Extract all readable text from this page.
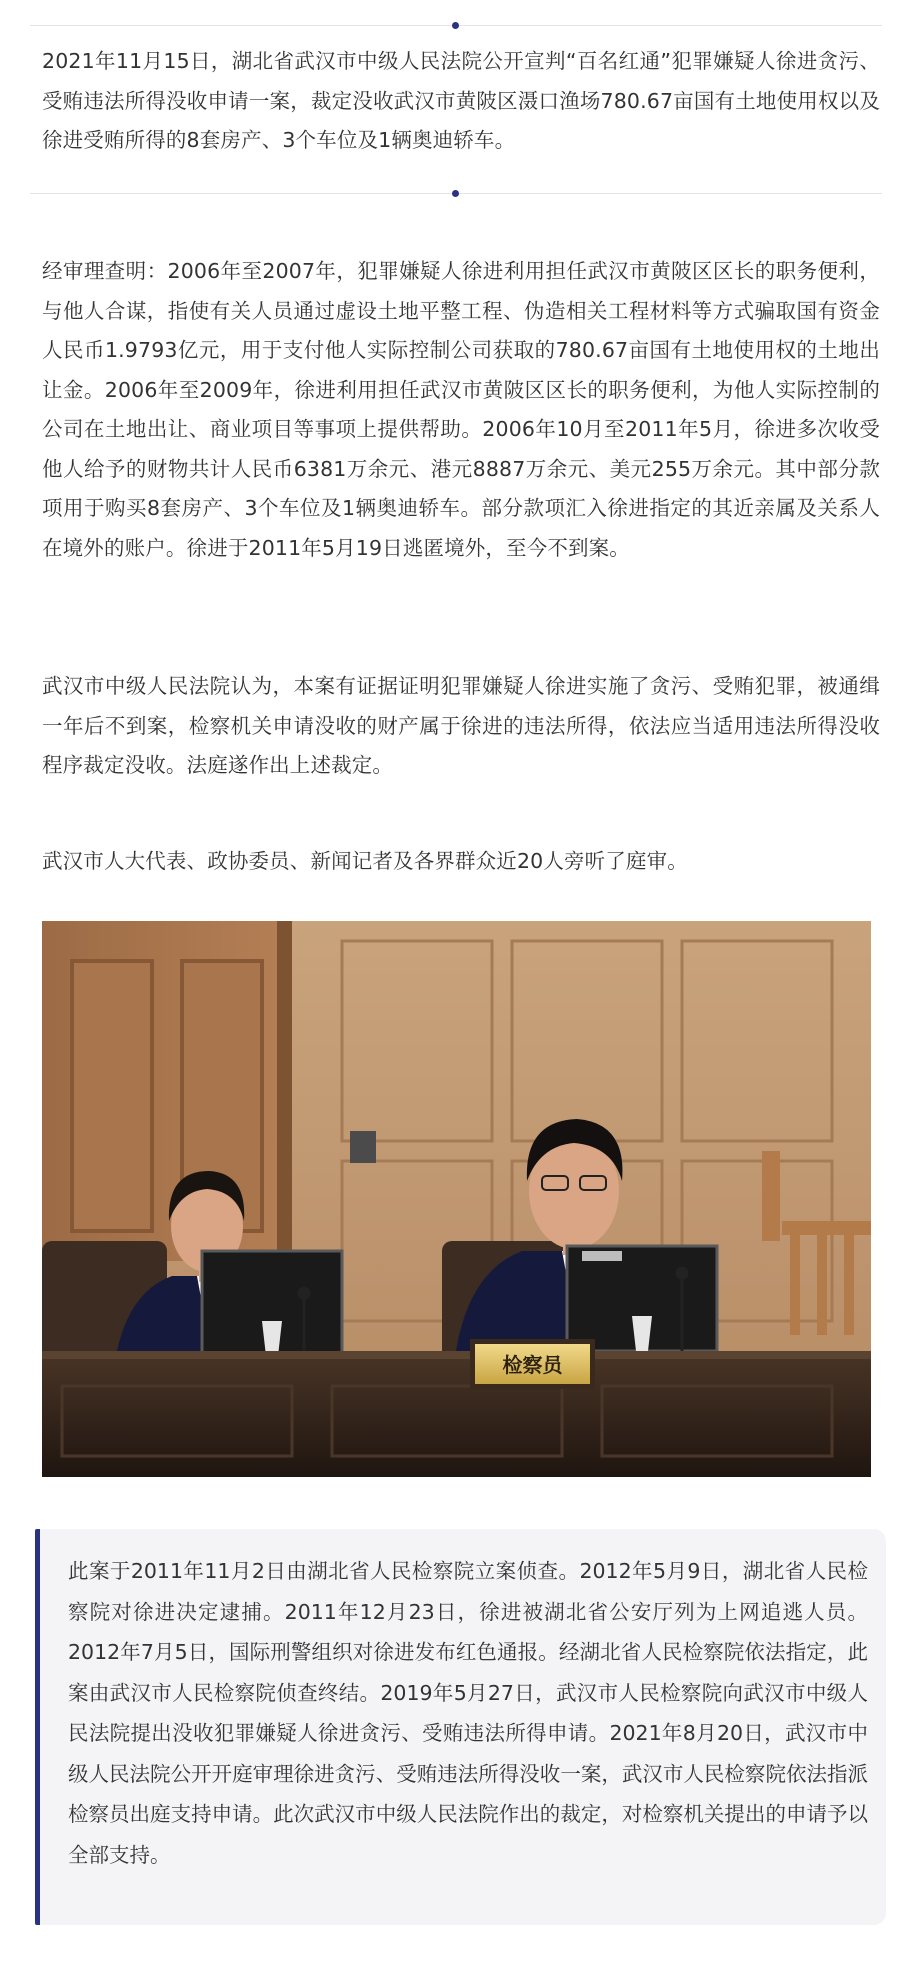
2021年11月15日，湖北省武汉市中级人民法院公开宣判“百名红通”犯罪嫌疑人徐进贪污、受贿违法所得没收申请一案，裁定没收武汉市黄陂区滠口渔场780.67亩国有土地使用权以及徐进受贿所得的8套房产、3个车位及1辆奥迪轿车。

经审理查明：2006年至2007年，犯罪嫌疑人徐进利用担任武汉市黄陂区区长的职务便利，与他人合谋，指使有关人员通过虚设土地平整工程、伪造相关工程材料等方式骗取国有资金人民币1.9793亿元，用于支付他人实际控制公司获取的780.67亩国有土地使用权的土地出让金。2006年至2009年，徐进利用担任武汉市黄陂区区长的职务便利，为他人实际控制的公司在土地出让、商业项目等事项上提供帮助。2006年10月至2011年5月，徐进多次收受他人给予的财物共计人民币6381万余元、港元8887万余元、美元255万余元。其中部分款项用于购买8套房产、3个车位及1辆奥迪轿车。部分款项汇入徐进指定的其近亲属及关系人在境外的账户。徐进于2011年5月19日逃匿境外，至今不到案。

武汉市中级人民法院认为，本案有证据证明犯罪嫌疑人徐进实施了贪污、受贿犯罪，被通缉一年后不到案，检察机关申请没收的财产属于徐进的违法所得，依法应当适用违法所得没收程序裁定没收。法庭遂作出上述裁定。

武汉市人大代表、政协委员、新闻记者及各界群众近20人旁听了庭审。

检察员

此案于2011年11月2日由湖北省人民检察院立案侦查。2012年5月9日，湖北省人民检察院对徐进决定逮捕。2011年12月23日，徐进被湖北省公安厅列为上网追逃人员。2012年7月5日，国际刑警组织对徐进发布红色通报。经湖北省人民检察院依法指定，此案由武汉市人民检察院侦查终结。2019年5月27日，武汉市人民检察院向武汉市中级人民法院提出没收犯罪嫌疑人徐进贪污、受贿违法所得申请。2021年8月20日，武汉市中级人民法院公开开庭审理徐进贪污、受贿违法所得没收一案，武汉市人民检察院依法指派检察员出庭支持申请。此次武汉市中级人民法院作出的裁定，对检察机关提出的申请予以全部支持。
